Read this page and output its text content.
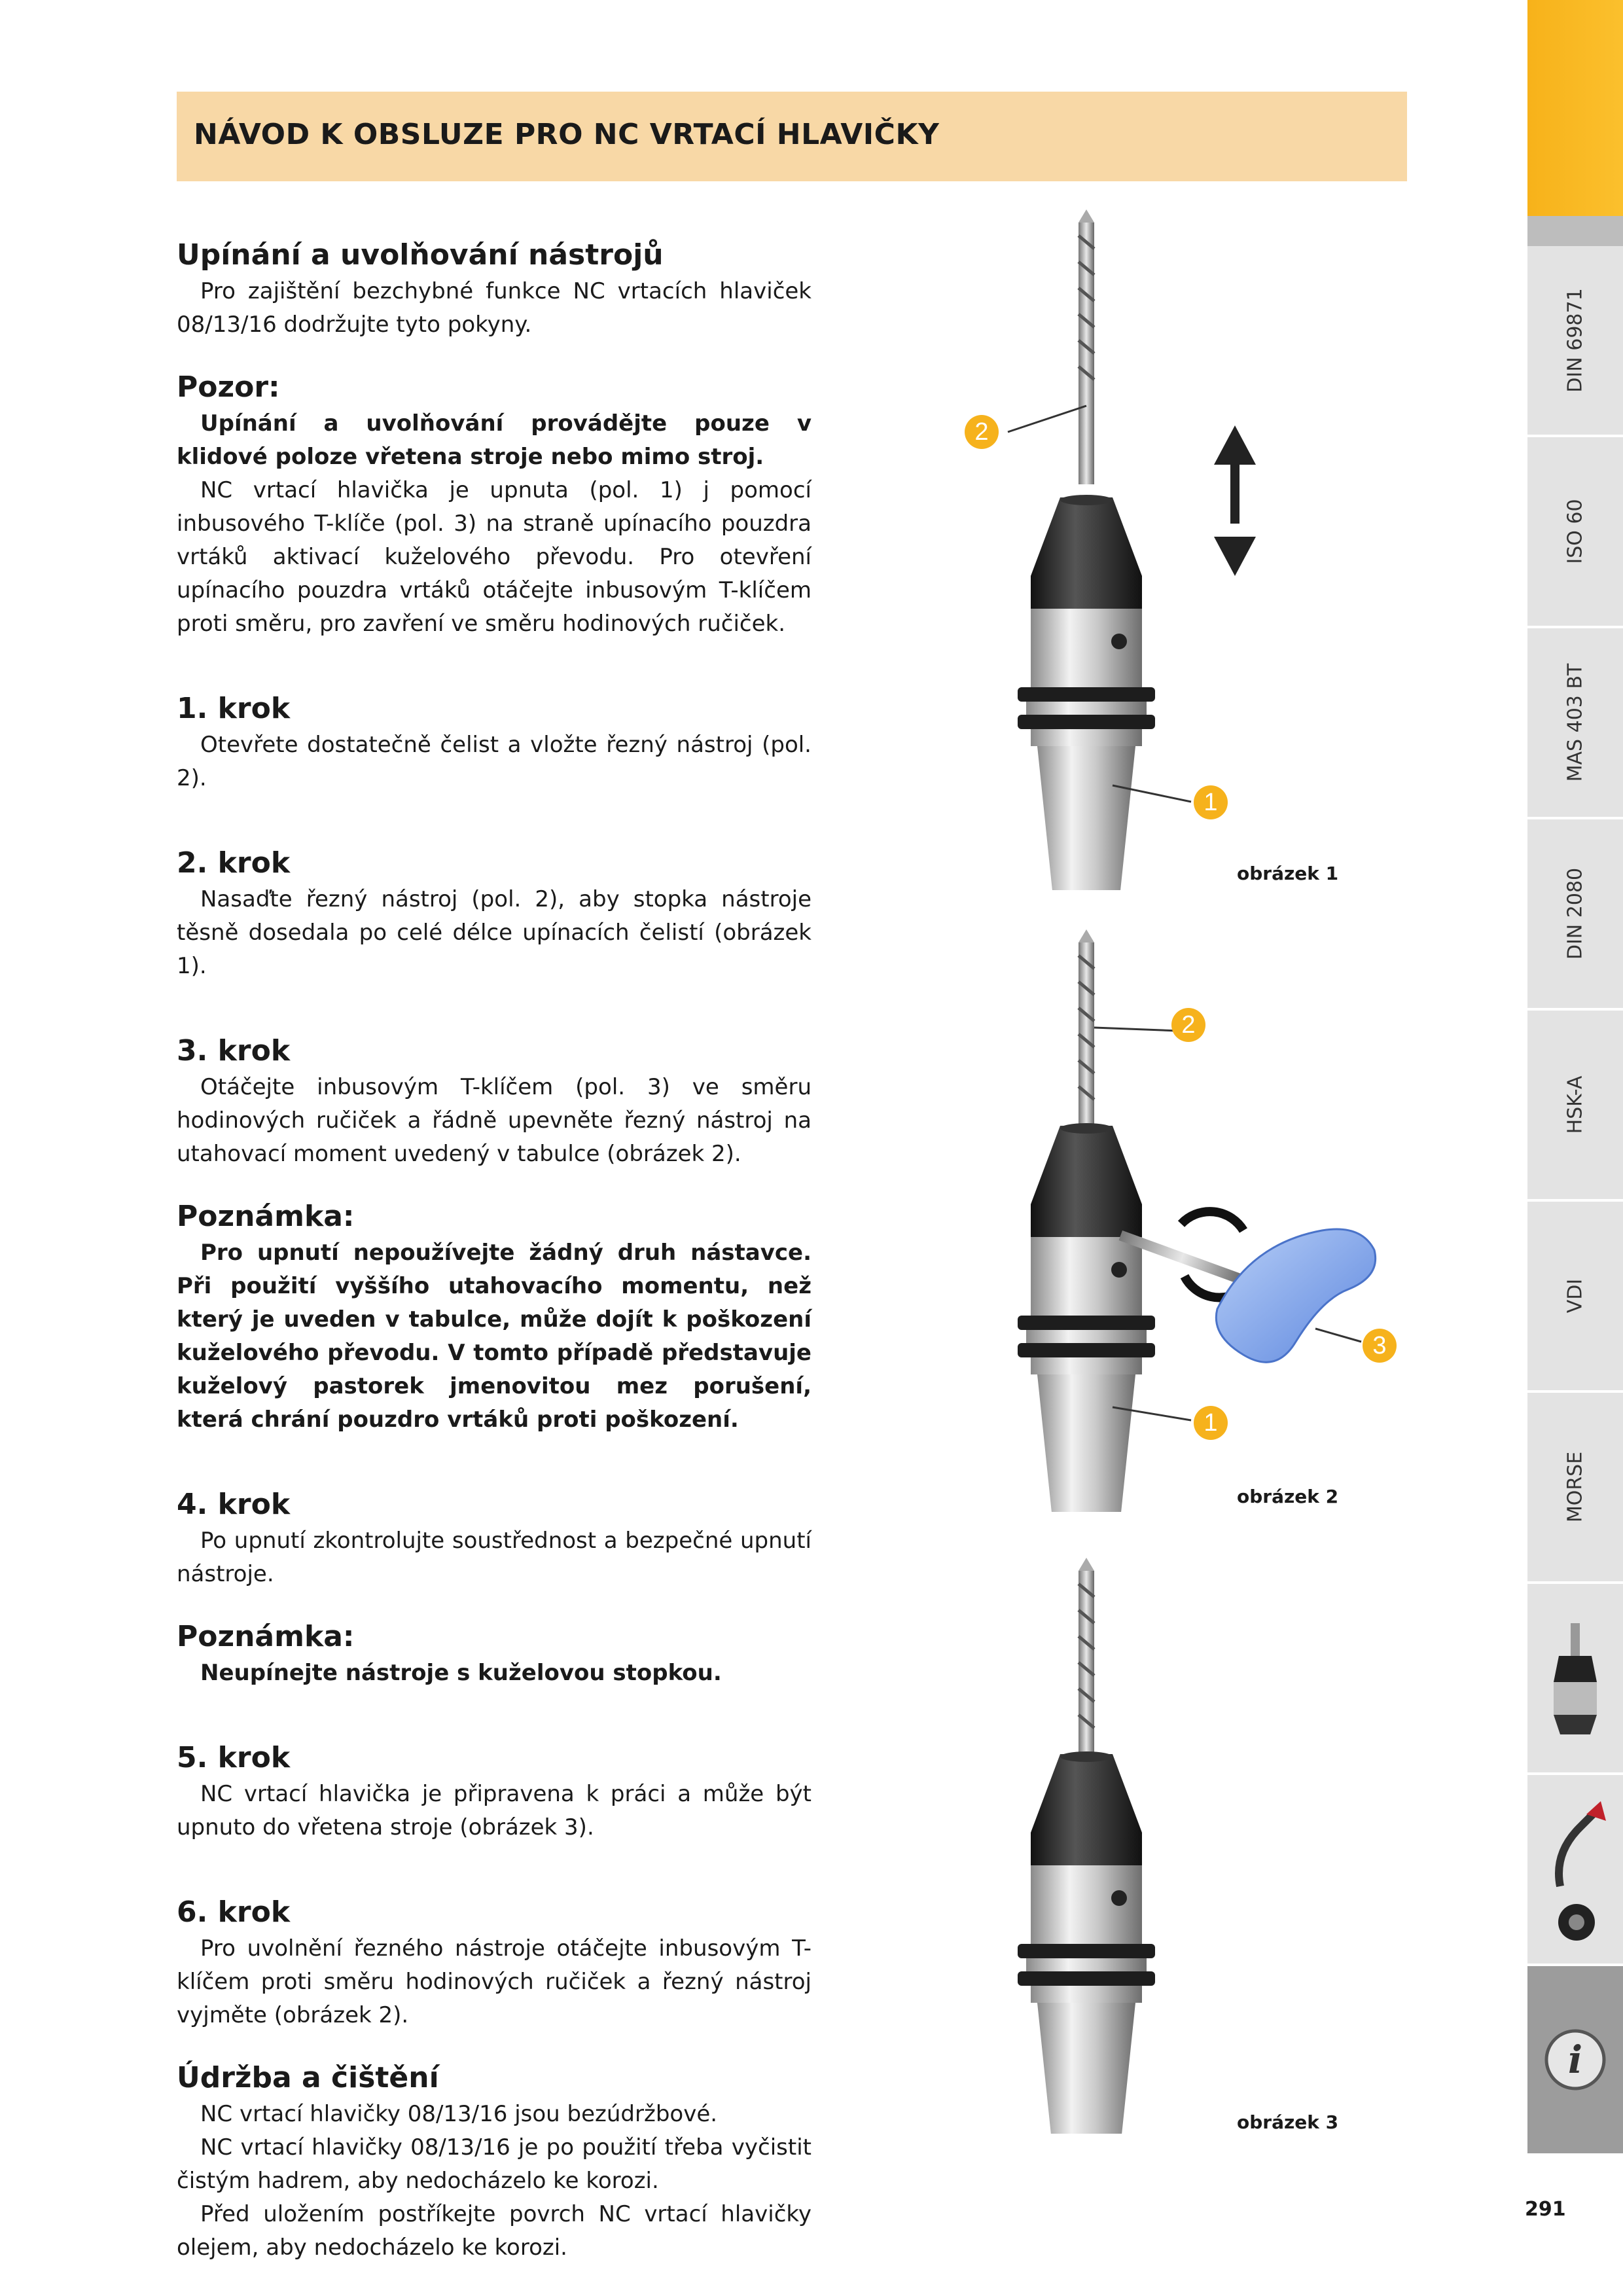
NÁVOD K OBSLUZE PRO NC VRTACÍ HLAVIČKY
Upínání a uvolňování nástrojů

Pro zajištění bezchybné funkce NC vrtacích hlaviček 08/13/16 dodržujte tyto pokyny.

Pozor:

Upínání a uvolňování provádějte pouze v klidové poloze vřetena stroje nebo mimo stroj.

NC vrtací hlavička je upnuta (pol. 1) j pomocí inbusového T-klíče (pol. 3) na straně upínacího pouzdra vrtáků aktivací kuželového převodu. Pro otevření upínacího pouzdra vrtáků otáčejte inbusovým T-klíčem proti směru, pro zavření ve směru hodinových ručiček.

1. krok

Otevřete dostatečně čelist a vložte řezný nástroj (pol. 2).

2. krok

Nasaďte řezný nástroj (pol. 2), aby stopka nástroje těsně dosedala po celé délce upínacích čelistí (obrázek 1).

3. krok

Otáčejte inbusovým T-klíčem (pol. 3) ve směru hodinových ručiček a řádně upevněte řezný nástroj na utahovací moment uvedený v tabulce (obrázek 2).

Poznámka:

Pro upnutí nepoužívejte žádný druh nástavce. Při použití vyššího utahovacího momentu, než který je uveden v tabulce, může dojít k poškození kuželového převodu. V tomto případě představuje kuželový pastorek jmenovitou mez porušení, která chrání pouzdro vrtáků proti poškození.

4. krok

Po upnutí zkontrolujte soustřednost a bezpečné upnutí nástroje.

Poznámka:

Neupínejte nástroje s kuželovou stopkou.

5. krok

NC vrtací hlavička je připravena k práci a může být upnuto do vřetena stroje (obrázek 3).

6. krok

Pro uvolnění řezného nástroje otáčejte inbusovým T-klíčem proti směru hodinových ručiček a řezný nástroj vyjměte (obrázek 2).

Údržba a čištění

NC vrtací hlavičky 08/13/16 jsou bezúdržbové.

NC vrtací hlavičky 08/13/16 je po použití třeba vyčistit čistým hadrem, aby nedocházelo ke korozi.

Před uložením postříkejte povrch NC vrtací hlavičky olejem, aby nedocházelo ke korozi.

2
1
obrázek 1
2
3
1
obrázek 2
obrázek 3
DIN 69871
ISO 60
MAS 403 BT
DIN 2080
HSK-A
VDI
MORSE
i
291
